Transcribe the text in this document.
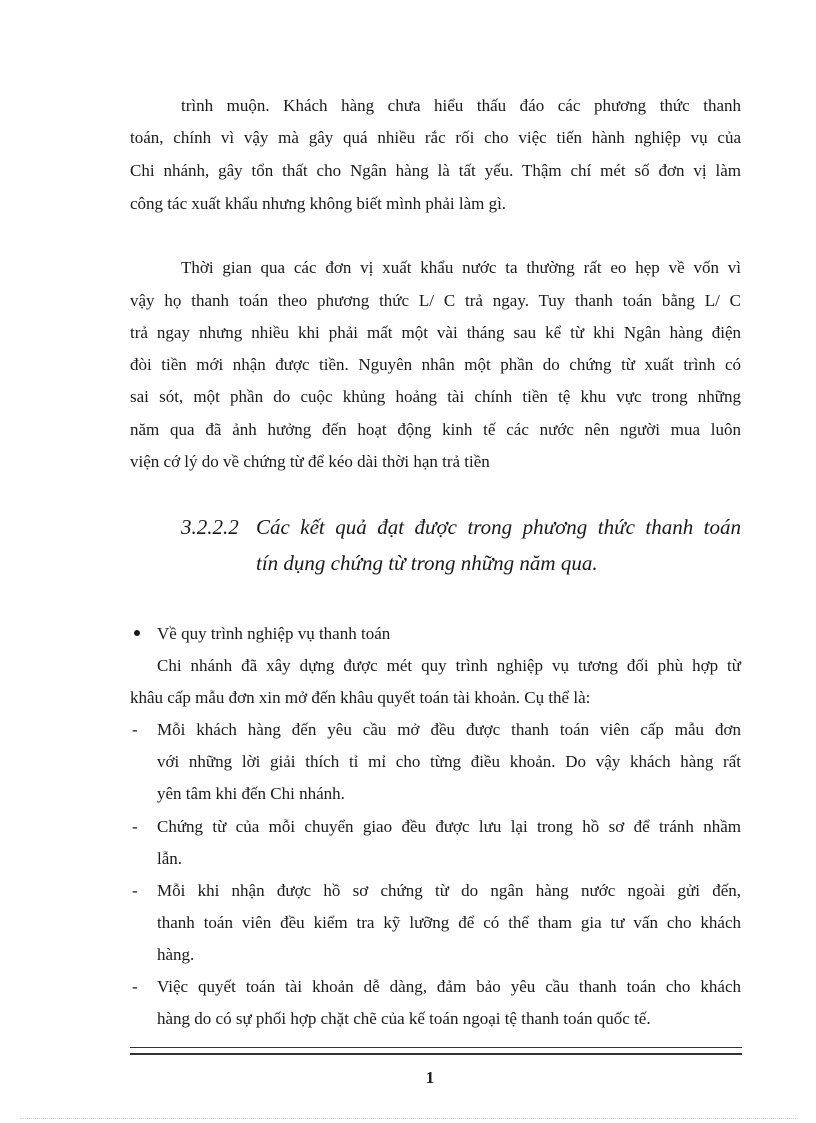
trình muộn. Khách hàng chưa hiểu thấu đáo các phương thức thanh
toán, chính vì vậy mà gây quá nhiều rắc rối cho việc tiến hành nghiệp vụ của
Chi nhánh, gây tổn thất cho Ngân hàng là tất yếu. Thậm chí mét số đơn vị làm
công tác xuất khẩu nhưng không biết mình phải làm gì.
Thời gian qua các đơn vị xuất khẩu nước ta thường rất eo hẹp về vốn vì
vậy họ thanh toán theo phương thức L/ C trả ngay. Tuy thanh toán bằng L/ C
trả ngay nhưng nhiều khi phải mất một vài tháng sau kể từ khi Ngân hàng điện
đòi tiền mới nhận được tiền. Nguyên nhân một phần do chứng từ xuất trình có
sai sót, một phần do cuộc khủng hoảng tài chính tiền tệ khu vực trong những
năm qua đã ảnh hưởng đến hoạt động kinh tế các nước nên người mua luôn
viện cớ lý do về chứng từ để kéo dài thời hạn trả tiền
3.2.2.2 Các kết quả đạt được trong phương thức thanh toán
tín dụng chứng từ trong những năm qua.
Về quy trình nghiệp vụ thanh toán
Chi nhánh đã xây dựng được mét quy trình nghiệp vụ tương đối phù hợp từ
khâu cấp mẫu đơn xin mở đến khâu quyết toán tài khoản. Cụ thể là:
- Mỗi khách hàng đến yêu cầu mở đều được thanh toán viên cấp mẫu đơn
với những lời giải thích tỉ mỉ cho từng điều khoản. Do vậy khách hàng rất
yên tâm khi đến Chi nhánh.
- Chứng từ của mỗi chuyển giao đều được lưu lại trong hồ sơ để tránh nhầm
lẫn.
- Mỗi khi nhận được hồ sơ chứng từ do ngân hàng nước ngoài gửi đến,
thanh toán viên đều kiểm tra kỹ lưỡng để có thể tham gia tư vấn cho khách
hàng.
- Việc quyết toán tài khoản dễ dàng, đảm bảo yêu cầu thanh toán cho khách
hàng do có sự phối hợp chặt chẽ của kế toán ngoại tệ thanh toán quốc tế.
1
